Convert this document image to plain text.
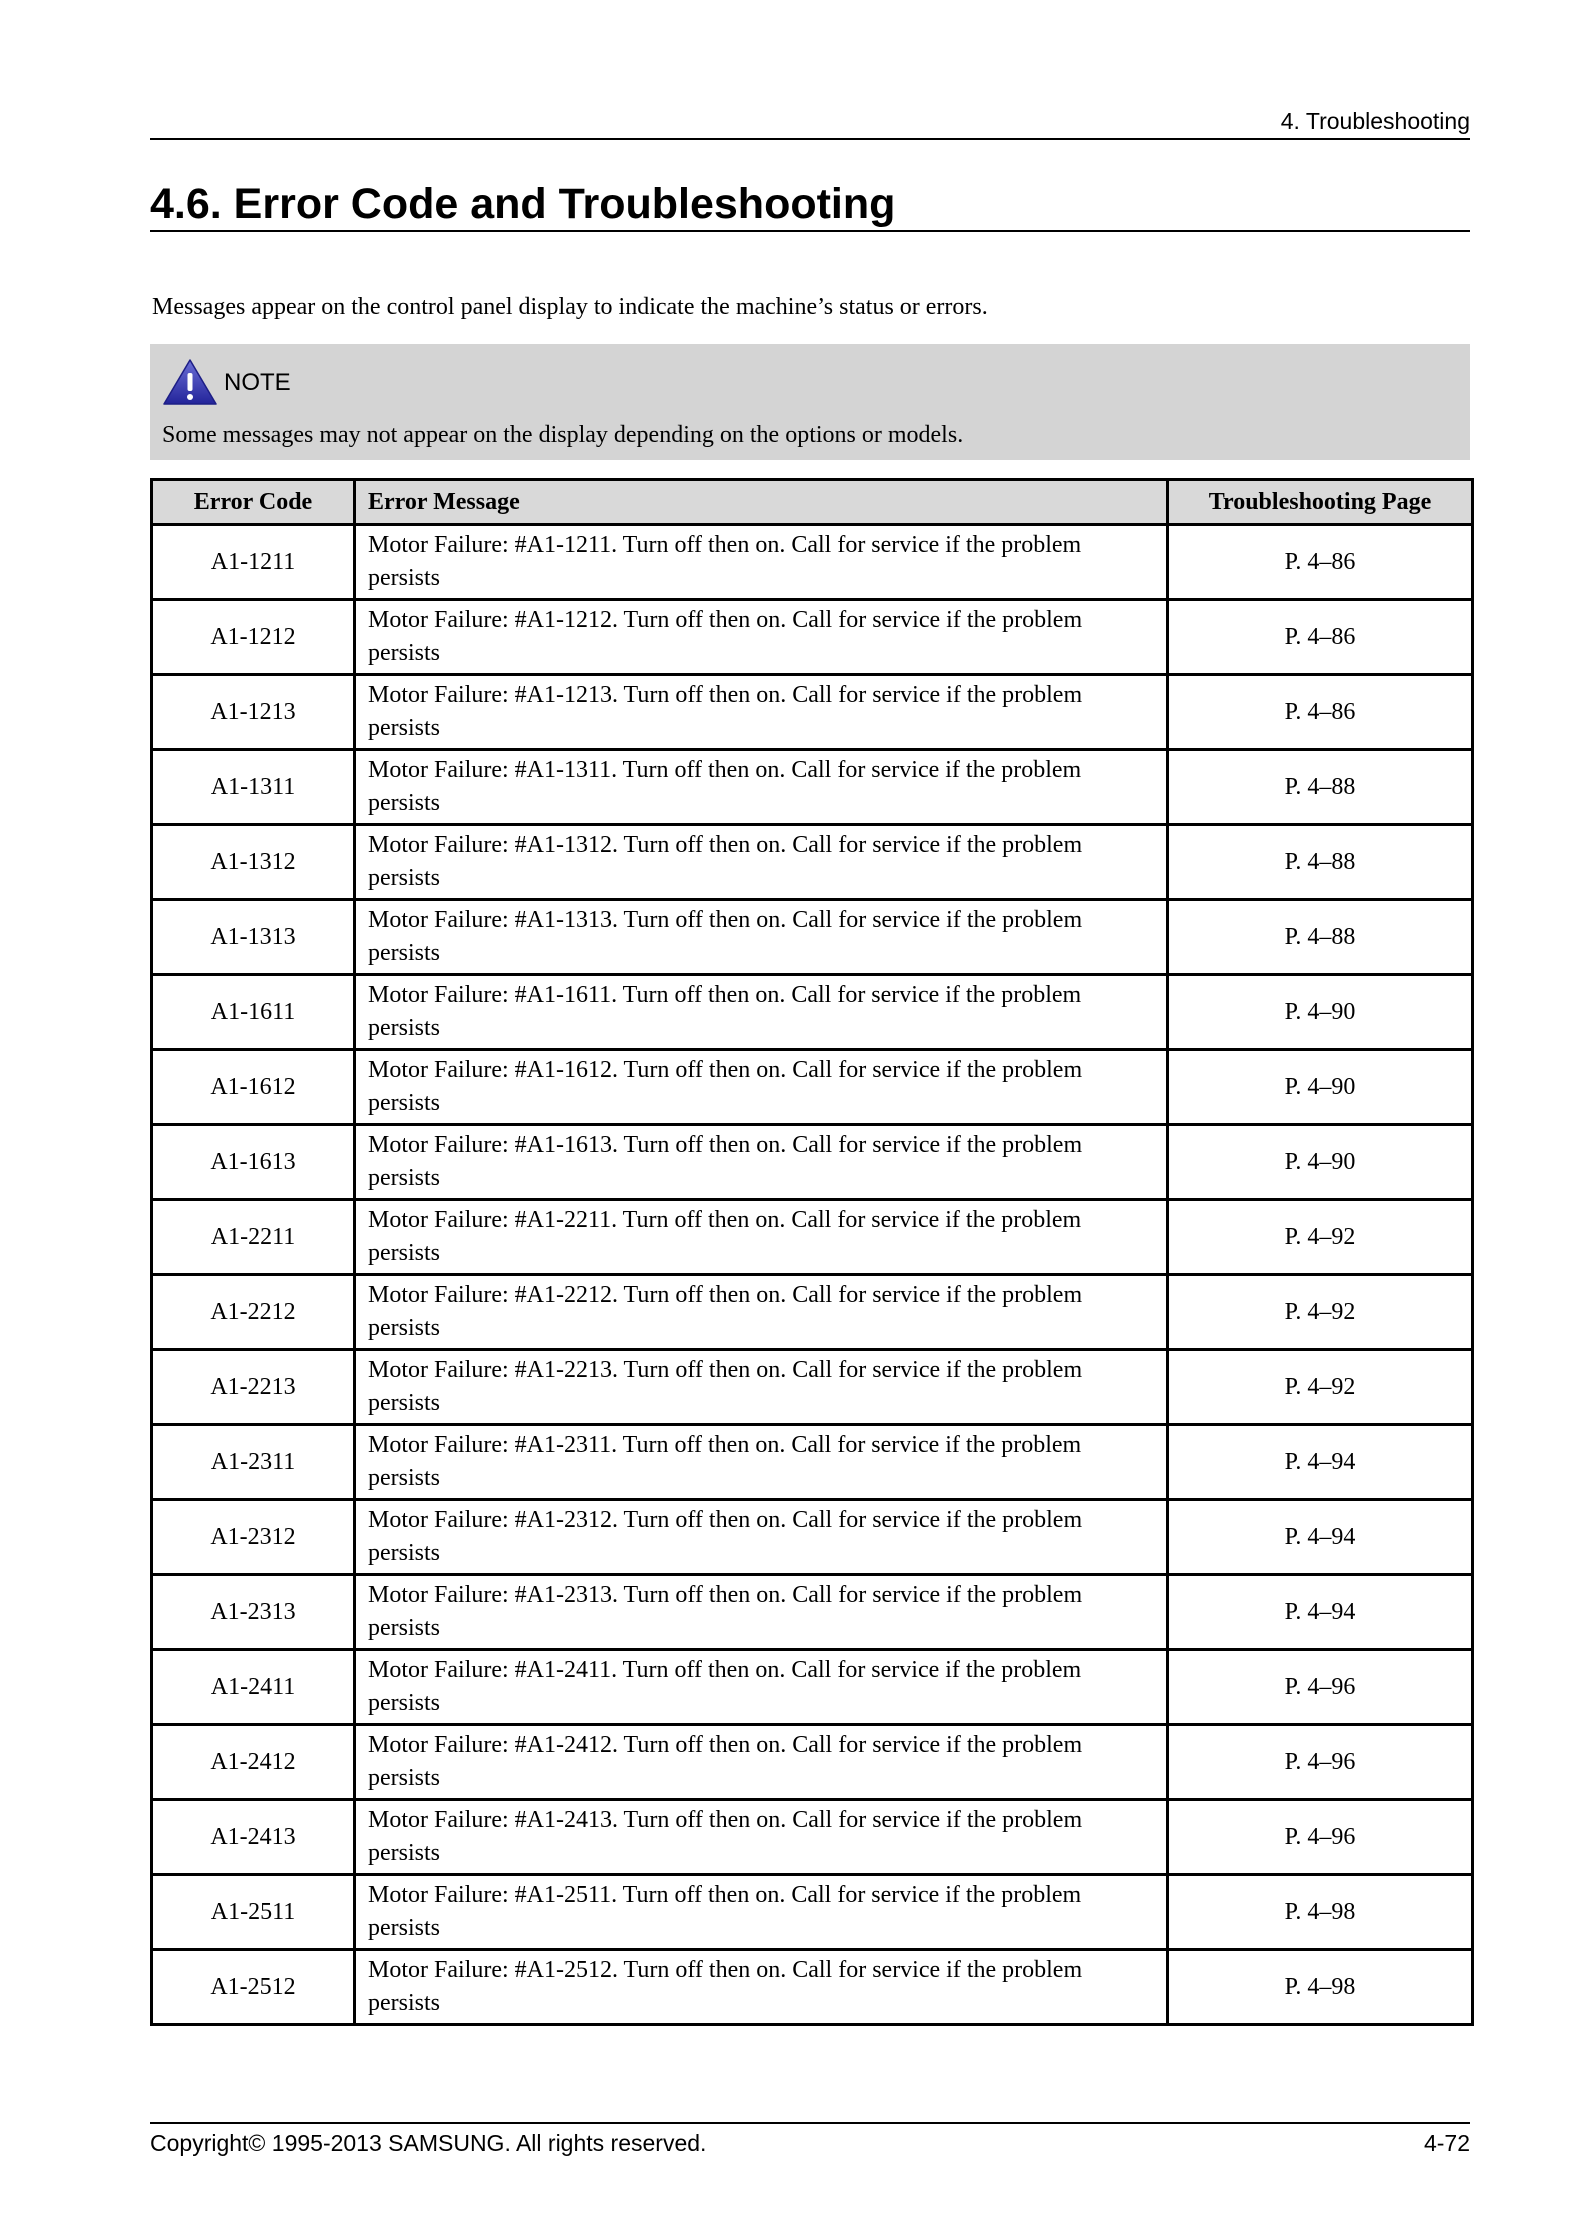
4. Troubleshooting
4.6. Error Code and Troubleshooting
Messages appear on the control panel display to indicate the machine’s status or errors.
NOTE
Some messages may not appear on the display depending on the options or models.
Error Code	Error Message	Troubleshooting Page
A1-1211	Motor Failure: #A1-1211. Turn off then on. Call for service if the problem persists	P. 4–86
A1-1212	Motor Failure: #A1-1212. Turn off then on. Call for service if the problem persists	P. 4–86
A1-1213	Motor Failure: #A1-1213. Turn off then on. Call for service if the problem persists	P. 4–86
A1-1311	Motor Failure: #A1-1311. Turn off then on. Call for service if the problem persists	P. 4–88
A1-1312	Motor Failure: #A1-1312. Turn off then on. Call for service if the problem persists	P. 4–88
A1-1313	Motor Failure: #A1-1313. Turn off then on. Call for service if the problem persists	P. 4–88
A1-1611	Motor Failure: #A1-1611. Turn off then on. Call for service if the problem persists	P. 4–90
A1-1612	Motor Failure: #A1-1612. Turn off then on. Call for service if the problem persists	P. 4–90
A1-1613	Motor Failure: #A1-1613. Turn off then on. Call for service if the problem persists	P. 4–90
A1-2211	Motor Failure: #A1-2211. Turn off then on. Call for service if the problem persists	P. 4–92
A1-2212	Motor Failure: #A1-2212. Turn off then on. Call for service if the problem persists	P. 4–92
A1-2213	Motor Failure: #A1-2213. Turn off then on. Call for service if the problem persists	P. 4–92
A1-2311	Motor Failure: #A1-2311. Turn off then on. Call for service if the problem persists	P. 4–94
A1-2312	Motor Failure: #A1-2312. Turn off then on. Call for service if the problem persists	P. 4–94
A1-2313	Motor Failure: #A1-2313. Turn off then on. Call for service if the problem persists	P. 4–94
A1-2411	Motor Failure: #A1-2411. Turn off then on. Call for service if the problem persists	P. 4–96
A1-2412	Motor Failure: #A1-2412. Turn off then on. Call for service if the problem persists	P. 4–96
A1-2413	Motor Failure: #A1-2413. Turn off then on. Call for service if the problem persists	P. 4–96
A1-2511	Motor Failure: #A1-2511. Turn off then on. Call for service if the problem persists	P. 4–98
A1-2512	Motor Failure: #A1-2512. Turn off then on. Call for service if the problem persists	P. 4–98
Copyright© 1995-2013 SAMSUNG. All rights reserved.	4-72
